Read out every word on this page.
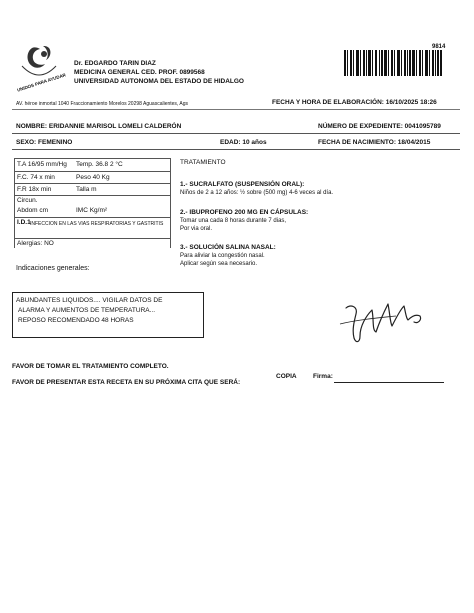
UNIDOS PARA AYUDAR
Dr. EDGARDO TARIN DIAZ
MEDICINA GENERAL CED. PROF. 0899568
UNIVERSIDAD AUTONOMA DEL ESTADO DE HIDALGO
9814
AV. héroe inmortal 1040 Fraccionamiento Morelos 20298 Aguascalientes, Ags	FECHA Y HORA DE ELABORACIÓN: 16/10/2025 18:26
NOMBRE: ERIDANNIE MARISOL LOMELI CALDERÓN	NÚMERO DE EXPEDIENTE: 0041095789
SEXO: FEMENINO	EDAD: 10 años	FECHA DE NACIMIENTO: 18/04/2015
T.A 16/95 mm/Hg Temp. 36.8 2 °C
F.C. 74 x min	Peso 40 Kg
F.R 18x min	Talla m
Circun.
Abdom cm	IMC Kg/m²
I.D.1 INFECCION EN LAS VIAS RESPIRATORIAS Y GASTRITIS
Alergias: NO
Indicaciones generales:
ABUNDANTES LIQUIDOS.... VIGILAR DATOS DE
ALARMA Y AUMENTOS DE TEMPERATURA...
REPOSO RECOMENDADO 48 HORAS
TRATAMIENTO
1.- SUCRALFATO (SUSPENSIÓN ORAL):
Niños de 2 a 12 años: ½ sobre (500 mg) 4-6 veces al día.
2.- IBUPROFENO 200 MG EN CÁPSULAS:
Tomar una cada 8 horas durante 7 dias,
Por via oral.
3.- SOLUCIÓN SALINA NASAL:
Para aliviar la congestión nasal.
Aplicar según sea necesario.
FAVOR DE TOMAR EL TRATAMIENTO COMPLETO.
FAVOR DE PRESENTAR ESTA RECETA EN SU PRÓXIMA CITA QUE SERÁ:
COPIA	Firma:
